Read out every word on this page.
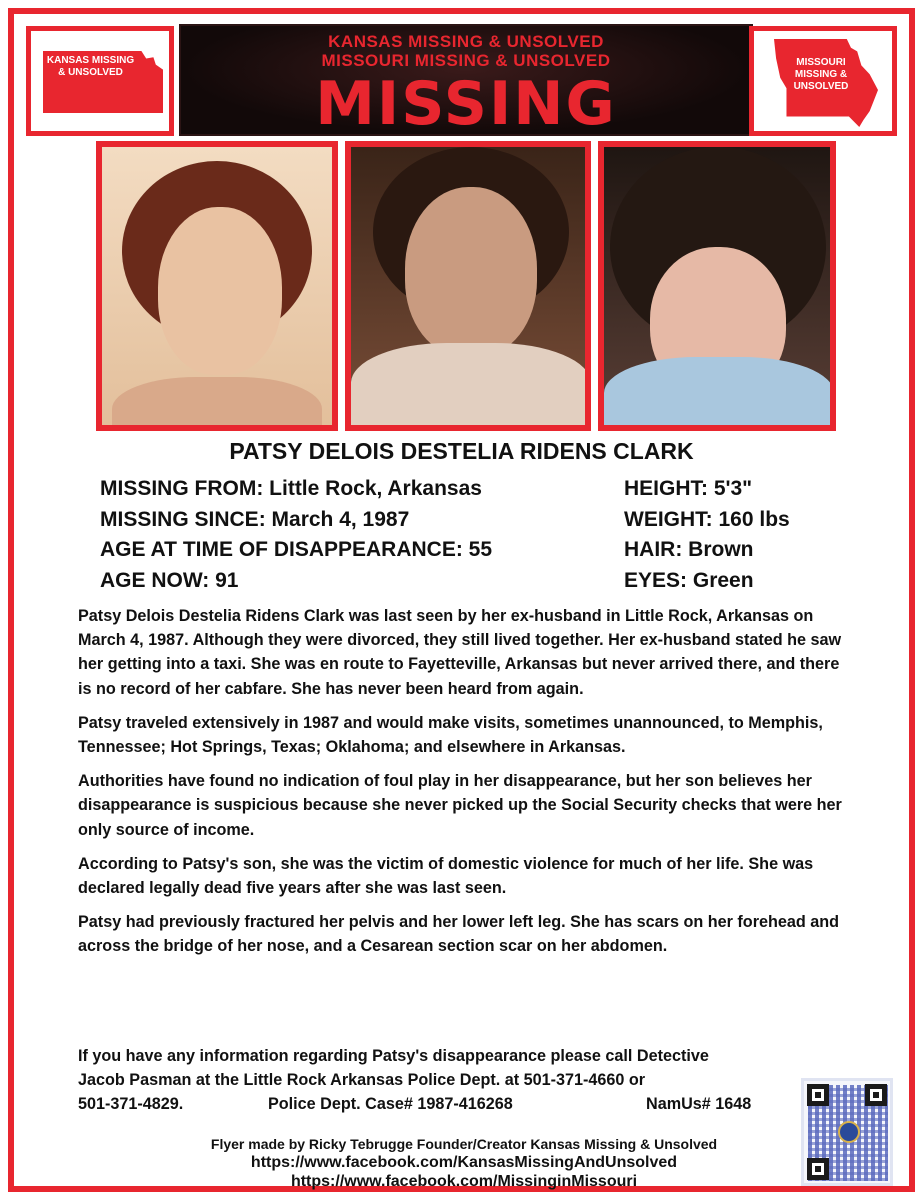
KANSAS MISSING & UNSOLVED
KANSAS MISSING & UNSOLVED
MISSOURI MISSING & UNSOLVED
MISSING
MISSOURI MISSING & UNSOLVED
PATSY DELOIS DESTELIA RIDENS CLARK
MISSING FROM: Little Rock, Arkansas
MISSING SINCE: March 4, 1987
AGE AT TIME OF DISAPPEARANCE: 55
AGE NOW: 91
HEIGHT: 5'3"
WEIGHT: 160 lbs
HAIR: Brown
EYES: Green

Patsy Delois Destelia Ridens Clark was last seen by her ex-husband in Little Rock, Arkansas on March 4, 1987. Although they were divorced, they still lived together. Her ex-husband stated he saw her getting into a taxi. She was en route to Fayetteville, Arkansas but never arrived there, and there is no record of her cabfare. She has never been heard from again.

Patsy traveled extensively in 1987 and would make visits, sometimes unannounced, to Memphis, Tennessee; Hot Springs, Texas; Oklahoma; and elsewhere in Arkansas.

Authorities have found no indication of foul play in her disappearance, but her son believes her disappearance is suspicious because she never picked up the Social Security checks that were her only source of income.

According to Patsy's son, she was the victim of domestic violence for much of her life. She was declared legally dead five years after she was last seen.

Patsy had previously fractured her pelvis and her lower left leg. She has scars on her forehead and across the bridge of her nose, and a Cesarean section scar on her abdomen.

If you have any information regarding Patsy's disappearance please call Detective
Jacob Pasman at the Little Rock Arkansas Police Dept. at 501-371-4660 or
501-371-4829.	Police Dept. Case# 1987-416268	NamUs# 1648
Flyer made by Ricky Tebrugge Founder/Creator Kansas Missing & Unsolved
https://www.facebook.com/KansasMissingAndUnsolved
https://www.facebook.com/MissinginMissouri
